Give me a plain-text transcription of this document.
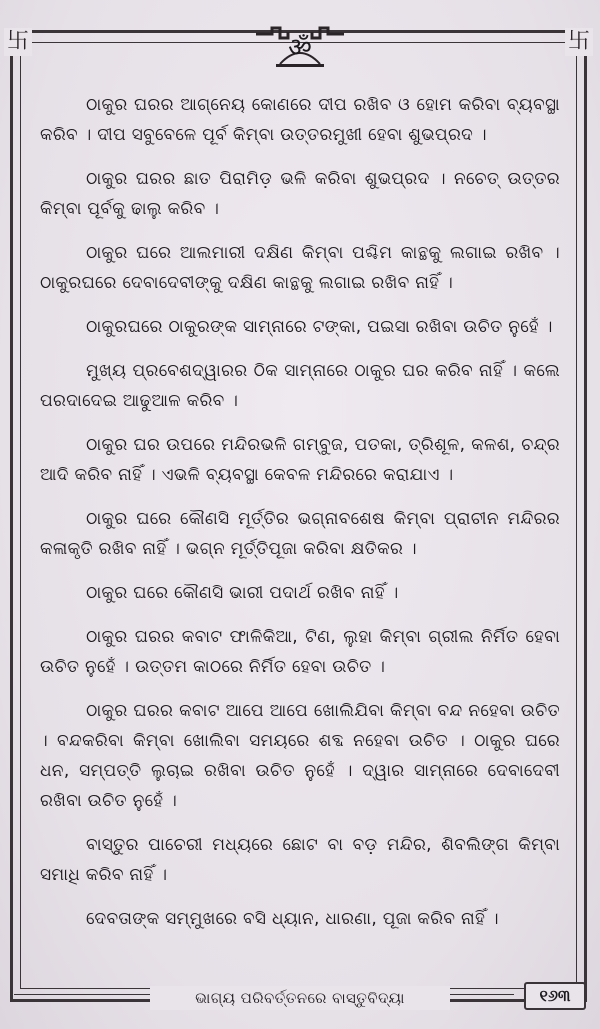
卐	卐
ॐ

ଠାକୁର ଘରର ଆଗ୍ନେୟ କୋଣରେ ଦୀପ ରଖିବ ଓ ହୋମ କରିବା ବ୍ୟବସ୍ଥା କରିବ । ଦୀପ ସବୁବେଳେ ପୂର୍ବ କିମ୍ବା ଉତ୍ତରମୁଖୀ ହେବା ଶୁଭପ୍ରଦ ।

ଠାକୁର ଘରର ଛାତ ପିରାମିଡ଼ ଭଳି କରିବା ଶୁଭପ୍ରଦ । ନଚେତ୍ ଉତ୍ତର କିମ୍ବା ପୂର୍ବକୁ ଢାଲୁ କରିବ ।

ଠାକୁର ଘରେ ଆଲମାରୀ ଦକ୍ଷିଣ କିମ୍ବା ପଶ୍ଚିମ କାନ୍ଥକୁ ଲଗାଇ ରଖିବ । ଠାକୁରଘରେ ଦେବାଦେବୀଙ୍କୁ ଦକ୍ଷିଣ କାନ୍ଥକୁ ଲଗାଇ ରଖିବ ନାହିଁ ।

ଠାକୁରଘରେ ଠାକୁରଙ୍କ ସାମ୍ନାରେ ଟଙ୍କା, ପଇସା ରଖିବା ଉଚିତ ନୁହେଁ ।

ମୁଖ୍ୟ ପ୍ରବେଶଦ୍ୱାରର ଠିକ ସାମ୍ନାରେ ଠାକୁର ଘର କରିବ ନାହିଁ । କଲେ ପରଦାଦେଇ ଆଢୁଆଳ କରିବ ।

ଠାକୁର ଘର ଉପରେ ମନ୍ଦିରଭଳି ଗମ୍ବୁଜ, ପତକା, ତ୍ରିଶୂଳ, କଳଶ, ଚନ୍ଦ୍ର ଆଦି କରିବ ନାହିଁ । ଏଭଳି ବ୍ୟବସ୍ଥା କେବଳ ମନ୍ଦିରରେ କରାଯାଏ ।

ଠାକୁର ଘରେ କୌଣସି ମୂର୍ତ୍ତିର ଭଗ୍ନାବଶେଷ କିମ୍ବା ପ୍ରାଚୀନ ମନ୍ଦିରର କଳାକୃତି ରଖିବ ନାହିଁ । ଭଗ୍ନ ମୂର୍ତ୍ତିପୂଜା କରିବା କ୍ଷତିକର ।

ଠାକୁର ଘରେ କୌଣସି ଭାରୀ ପଦାର୍ଥ ରଖିବ ନାହିଁ ।

ଠାକୁର ଘରର କବାଟ ଫାଳିକିଆ, ଟିଣ, ଲୁହା କିମ୍ବା ଗ୍ରୀଲ ନିର୍ମିତ ହେବା ଉଚିତ ନୁହେଁ । ଉତ୍ତମ କାଠରେ ନିର୍ମିତ ହେବା ଉଚିତ ।

ଠାକୁର ଘରର କବାଟ ଆପେ ଆପେ ଖୋଲିଯିବା କିମ୍ବା ବନ୍ଦ ନହେବା ଉଚିତ । ବନ୍ଦକରିବା କିମ୍ବା ଖୋଲିବା ସମୟରେ ଶବ୍ଦ ନହେବା ଉଚିତ । ଠାକୁର ଘରେ ଧନ, ସମ୍ପତ୍ତି ଲୁଚାଇ ରଖିବା ଉଚିତ ନୁହେଁ । ଦ୍ୱାର ସାମ୍ନାରେ ଦେବାଦେବୀ ରଖିବା ଉଚିତ ନୁହେଁ ।

ବାସ୍ତୁର ପାଚେରୀ ମଧ୍ୟରେ ଛୋଟ ବା ବଡ଼ ମନ୍ଦିର, ଶିବଲିଙ୍ଗ କିମ୍ବା ସମାଧି କରିବ ନାହିଁ ।

ଦେବତାଙ୍କ ସମ୍ମୁଖରେ ବସି ଧ୍ୟାନ, ଧାରଣା, ପୂଜା କରିବ ନାହିଁ ।

ଭାଗ୍ୟ ପରିବର୍ତ୍ତନରେ ବାସ୍ତୁବିଦ୍ୟା	୧୬୩
